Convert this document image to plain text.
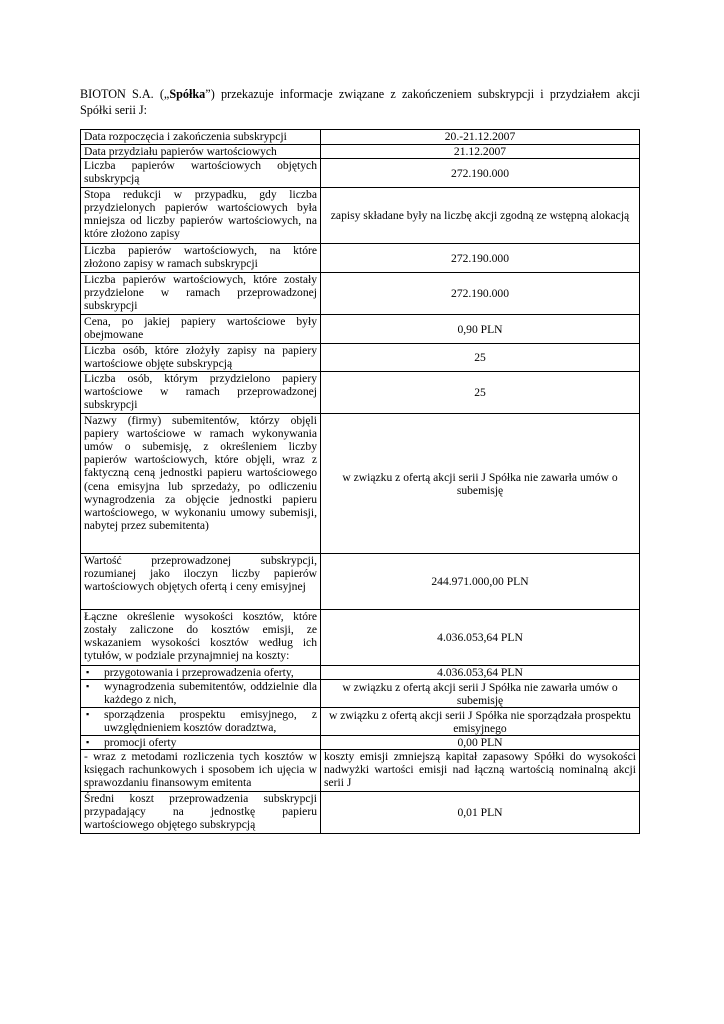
BIOTON S.A. („Spółka”) przekazuje informacje związane z zakończeniem subskrypcji i przydziałem akcji Spółki serii J:

Data rozpoczęcia i zakończenia subskrypcji	20.-21.12.2007
Data przydziału papierów wartościowych	21.12.2007
Liczba papierów wartościowych objętych subskrypcją	272.190.000
Stopa redukcji w przypadku, gdy liczba przydzielonych papierów wartościowych była mniejsza od liczby papierów wartościowych, na które złożono zapisy	zapisy składane były na liczbę akcji zgodną ze wstępną alokacją
Liczba papierów wartościowych, na które złożono zapisy w ramach subskrypcji	272.190.000
Liczba papierów wartościowych, które zostały przydzielone w ramach przeprowadzonej subskrypcji	272.190.000
Cena, po jakiej papiery wartościowe były obejmowane	0,90 PLN
Liczba osób, które złożyły zapisy na papiery wartościowe objęte subskrypcją	25
Liczba osób, którym przydzielono papiery wartościowe w ramach przeprowadzonej subskrypcji	25
Nazwy (firmy) subemitentów, którzy objęli papiery wartościowe w ramach wykonywania umów o subemisję, z określeniem liczby papierów wartościowych, które objęli, wraz z faktyczną ceną jednostki papieru wartościowego (cena emisyjna lub sprzedaży, po odliczeniu wynagrodzenia za objęcie jednostki papieru wartościowego, w wykonaniu umowy subemisji, nabytej przez subemitenta)	w związku z ofertą akcji serii J Spółka nie zawarła umów o subemisję
Wartość przeprowadzonej subskrypcji, rozumianej jako iloczyn liczby papierów wartościowych objętych ofertą i ceny emisyjnej	244.971.000,00 PLN
Łączne określenie wysokości kosztów, które zostały zaliczone do kosztów emisji, ze wskazaniem wysokości kosztów według ich tytułów, w podziale przynajmniej na koszty:	4.036.053,64 PLN

▪ przygotowania i przeprowadzenia oferty,	4.036.053,64 PLN

▪ wynagrodzenia subemitentów, oddzielnie dla każdego z nich,	w związku z ofertą akcji serii J Spółka nie zawarła umów o subemisję

▪ sporządzenia prospektu emisyjnego, z uwzględnieniem kosztów doradztwa,	w związku z ofertą akcji serii J Spółka nie sporządzała prospektu emisyjnego

▪ promocji oferty	0,00 PLN
- wraz z metodami rozliczenia tych kosztów w księgach rachunkowych i sposobem ich ujęcia w sprawozdaniu finansowym emitenta	koszty emisji zmniejszą kapitał zapasowy Spółki do wysokości nadwyżki wartości emisji nad łączną wartością nominalną akcji serii J
Średni koszt przeprowadzenia subskrypcji przypadający na jednostkę papieru wartościowego objętego subskrypcją	0,01 PLN
